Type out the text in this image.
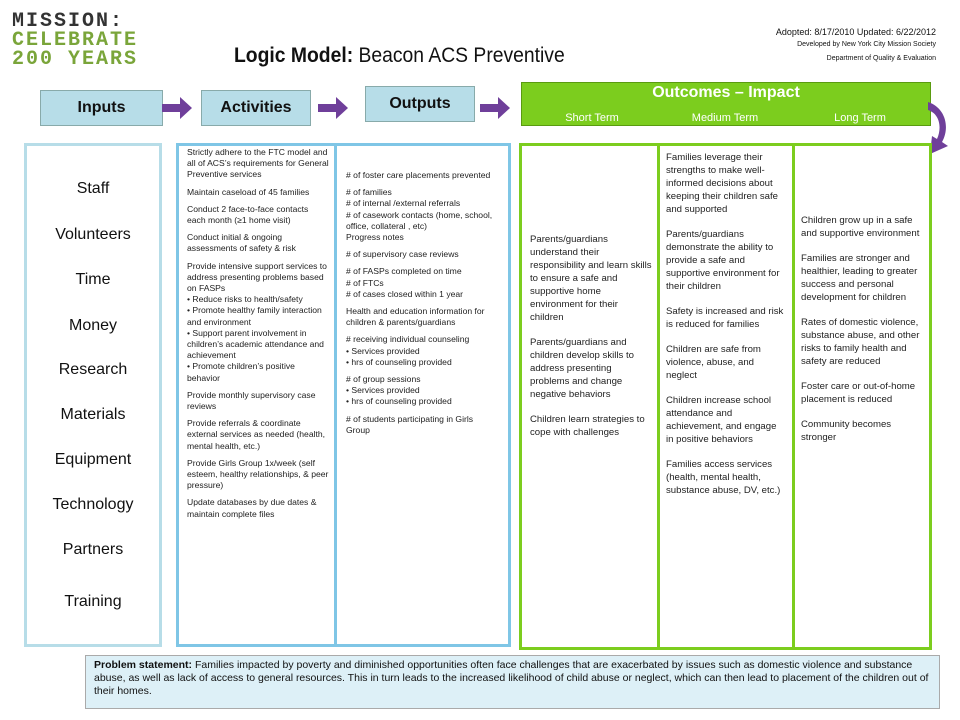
MISSION:
CELEBRATE
200 YEARS	Logic Model: Beacon ACS Preventive
Adopted: 8/17/2010 Updated: 6/22/2012
Developed by New York City Mission Society
Department of Quality & Evaluation
Inputs	Activities	Outputs
Outcomes – Impact
Short Term	Medium Term	Long Term
Staff
Volunteers
Time
Money
Research
Materials
Equipment
Technology
Partners
Training

Strictly adhere to the FTC model and all of ACS’s requirements for General Preventive services

Maintain caseload of 45 families

Conduct 2 face-to-face contacts each month (≥1 home visit)

Conduct initial & ongoing assessments of safety & risk

Provide intensive support services to address presenting problems based on FASPs
• Reduce risks to health/safety
• Promote healthy family interaction and environment
• Support parent involvement in children’s academic attendance and achievement

• Promote children’s positive behavior

Provide monthly supervisory case reviews

Provide referrals & coordinate external services as needed (health, mental health, etc.)

Provide Girls Group 1x/week (self esteem, healthy relationships, & peer pressure)

Update databases by due dates & maintain complete files

# of foster care placements prevented

# of families
# of internal /external referrals
# of casework contacts (home, school, office, collateral , etc)

Progress notes

# of supervisory case reviews

# of FASPs completed on time
# of FTCs

# of cases closed within 1 year

Health and education information for children & parents/guardians

# receiving individual counseling
• Services provided

• hrs of counseling provided

# of group sessions
• Services provided

• hrs of counseling provided

# of students participating in Girls Group

Parents/guardians understand their responsibility and learn skills to ensure a safe and supportive home environment for their children

Parents/guardians and children develop skills to address presenting problems and change negative behaviors

Children learn strategies to cope with challenges

Families leverage their strengths to make well-informed decisions about keeping their children safe and supported

Parents/guardians demonstrate the ability to provide a safe and supportive environment for their children

Safety is increased and risk is reduced for families

Children are safe from violence, abuse, and neglect

Children increase school attendance and achievement, and engage in positive behaviors

Families access services (health, mental health, substance abuse, DV, etc.)

Children grow up in a safe and supportive environment

Families are stronger and healthier, leading to greater success and personal development for children

Rates of domestic violence, substance abuse, and other risks to family health and safety are reduced

Foster care or out-of-home placement is reduced

Community becomes stronger

Problem statement: Families impacted by poverty and diminished opportunities often face challenges that are exacerbated by issues such as domestic violence and substance abuse, as well as lack of access to general resources. This in turn leads to the increased likelihood of child abuse or neglect, which can then lead to placement of the children out of their homes.
